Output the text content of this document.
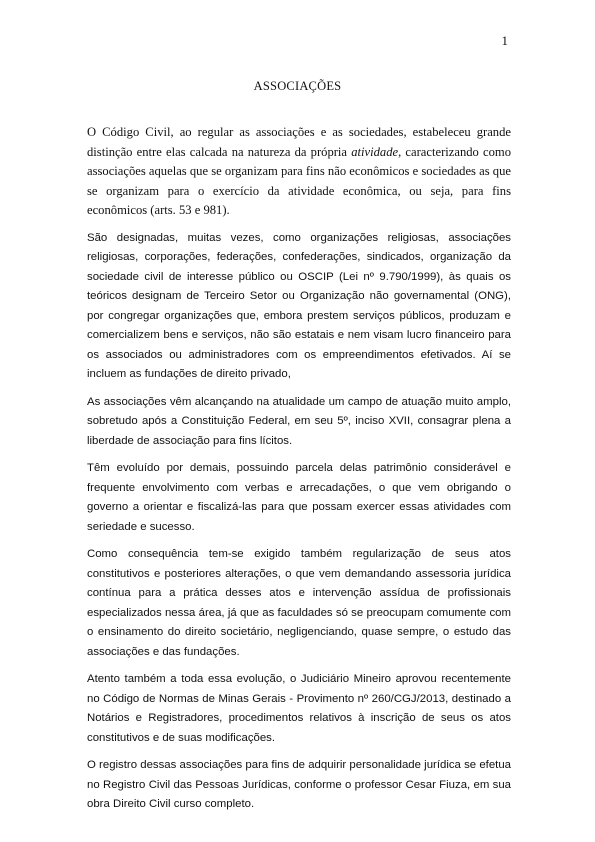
1
ASSOCIAÇÕES

O Código Civil, ao regular as associações e as sociedades, estabeleceu grande distinção entre elas calcada na natureza da própria atividade, caracterizando como associações aquelas que se organizam para fins não econômicos e sociedades as que se organizam para o exercício da atividade econômica, ou seja, para fins econômicos (arts. 53 e 981).

São designadas, muitas vezes, como organizações religiosas, associações religiosas, corporações, federações, confederações, sindicados, organização da sociedade civil de interesse público ou OSCIP (Lei nº 9.790/1999), às quais os teóricos designam de Terceiro Setor ou Organização não governamental (ONG), por congregar organizações que, embora prestem serviços públicos, produzam e comercializem bens e serviços, não são estatais e nem visam lucro financeiro para os associados ou administradores com os empreendimentos efetivados. Aí se incluem as fundações de direito privado,

As associações vêm alcançando na atualidade um campo de atuação muito amplo, sobretudo após a Constituição Federal, em seu 5º, inciso XVII, consagrar plena a liberdade de associação para fins lícitos.

Têm evoluído por demais, possuindo parcela delas patrimônio considerável e frequente envolvimento com verbas e arrecadações, o que vem obrigando o governo a orientar e fiscalizá-las para que possam exercer essas atividades com seriedade e sucesso.

Como consequência tem-se exigido também regularização de seus atos constitutivos e posteriores alterações, o que vem demandando assessoria jurídica contínua para a prática desses atos e intervenção assídua de profissionais especializados nessa área, já que as faculdades só se preocupam comumente com o ensinamento do direito societário, negligenciando, quase sempre, o estudo das associações e das fundações.

Atento também a toda essa evolução, o Judiciário Mineiro aprovou recentemente no Código de Normas de Minas Gerais - Provimento nº 260/CGJ/2013, destinado a Notários e Registradores, procedimentos relativos à inscrição de seus os atos constitutivos e de suas modificações.

O registro dessas associações para fins de adquirir personalidade jurídica se efetua no Registro Civil das Pessoas Jurídicas, conforme o professor Cesar Fiuza, em sua obra Direito Civil curso completo.
